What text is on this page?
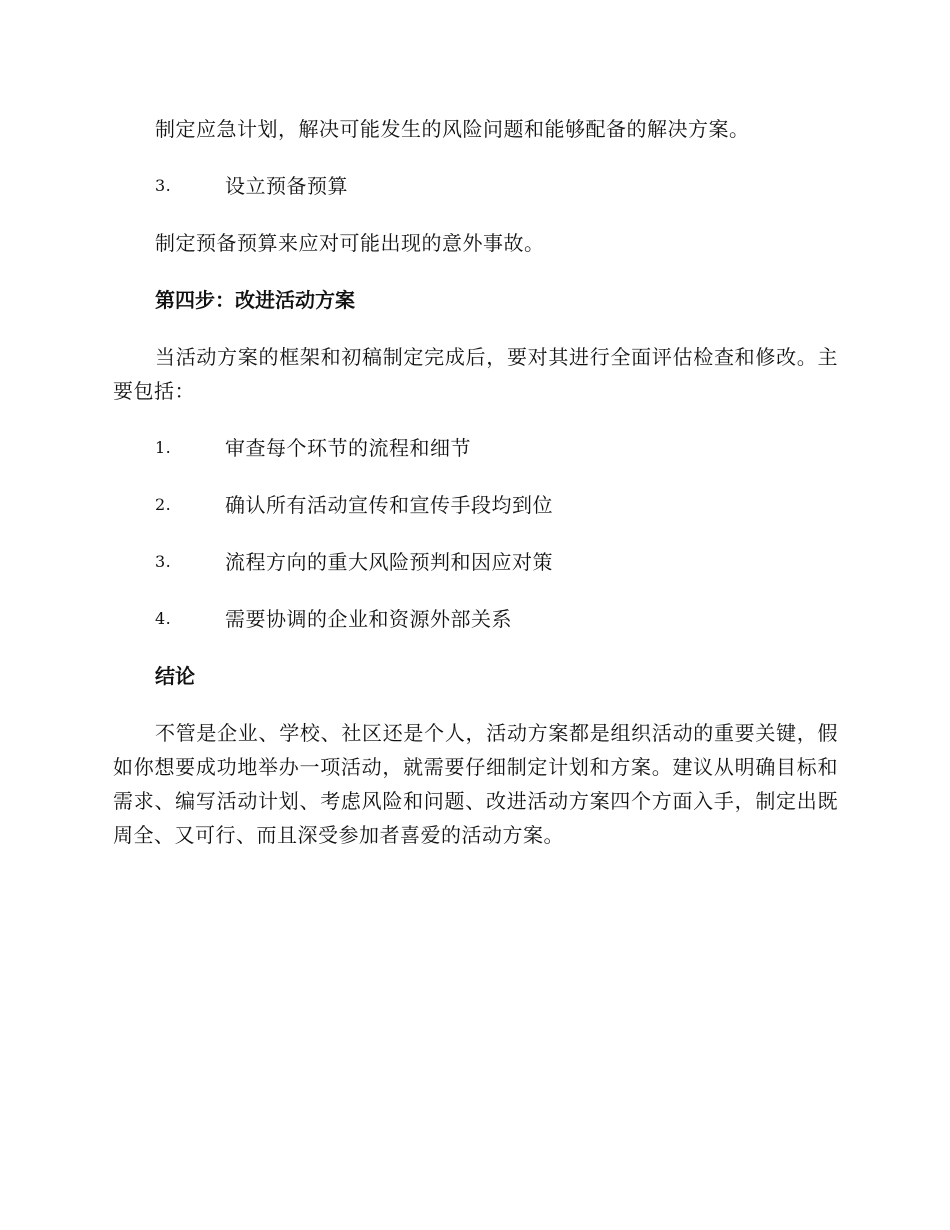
制定应急计划，解决可能发生的风险问题和能够配备的解决方案。

3.	设立预备预算

制定预备预算来应对可能出现的意外事故。

第四步：改进活动方案

当活动方案的框架和初稿制定完成后，要对其进行全面评估检查和修改。主要包括：

1.	审查每个环节的流程和细节
2.	确认所有活动宣传和宣传手段均到位
3.	流程方向的重大风险预判和因应对策
4.	需要协调的企业和资源外部关系

结论

不管是企业、学校、社区还是个人，活动方案都是组织活动的重要关键，假如你想要成功地举办一项活动，就需要仔细制定计划和方案。建议从明确目标和需求、编写活动计划、考虑风险和问题、改进活动方案四个方面入手，制定出既周全、又可行、而且深受参加者喜爱的活动方案。
